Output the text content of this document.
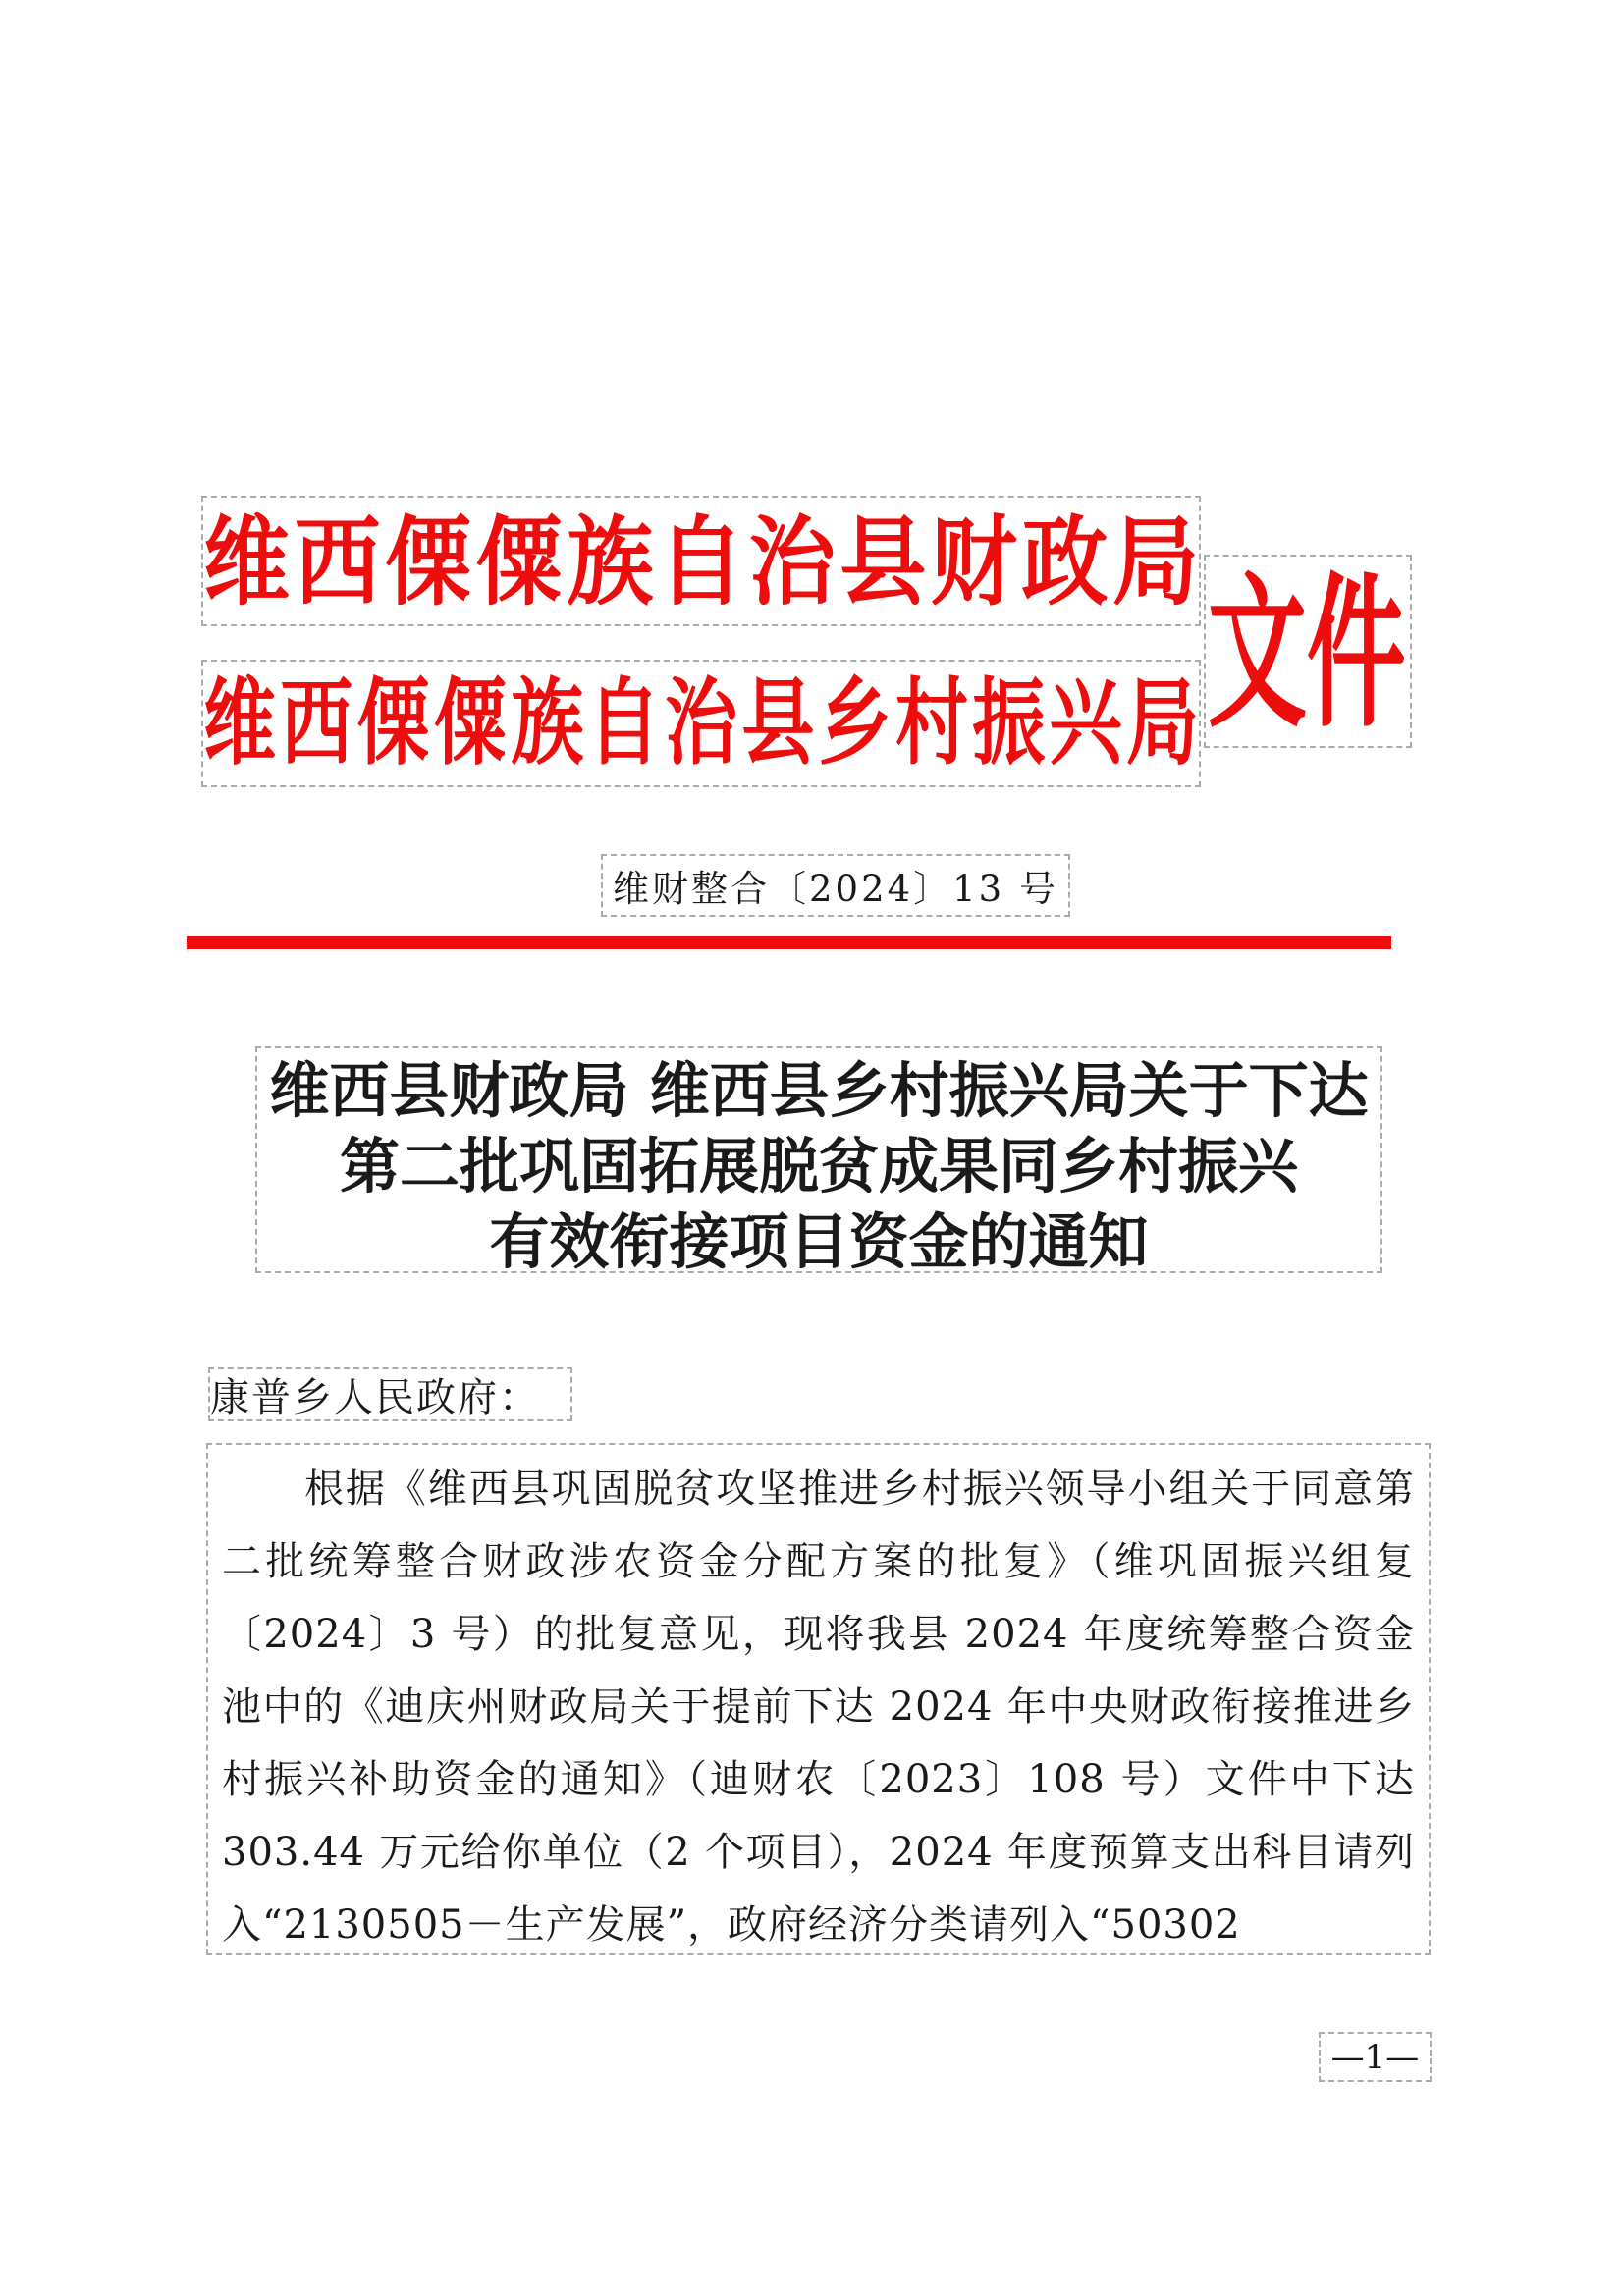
维西傈僳族自治县财政局
维西傈僳族自治县乡村振兴局 文件
维财整合〔2024〕13 号
维西县财政局 维西县乡村振兴局关于下达
第二批巩固拓展脱贫成果同乡村振兴
有效衔接项目资金的通知
康普乡人民政府：

根据《维西县巩固脱贫攻坚推进乡村振兴领导小组关于同意第二批统筹整合财政涉农资金分配方案的批复》（维巩固振兴组复〔2024〕3 号）的批复意见，现将我县 2024 年度统筹整合资金池中的《迪庆州财政局关于提前下达 2024 年中央财政衔接推进乡村振兴补助资金的通知》（迪财农〔2023〕108 号）文件中下达 303.44 万元给你单位（2 个项目），2024 年度预算支出科目请列入“2130505－生产发展”，政府经济分类请列入“50302

—1—
